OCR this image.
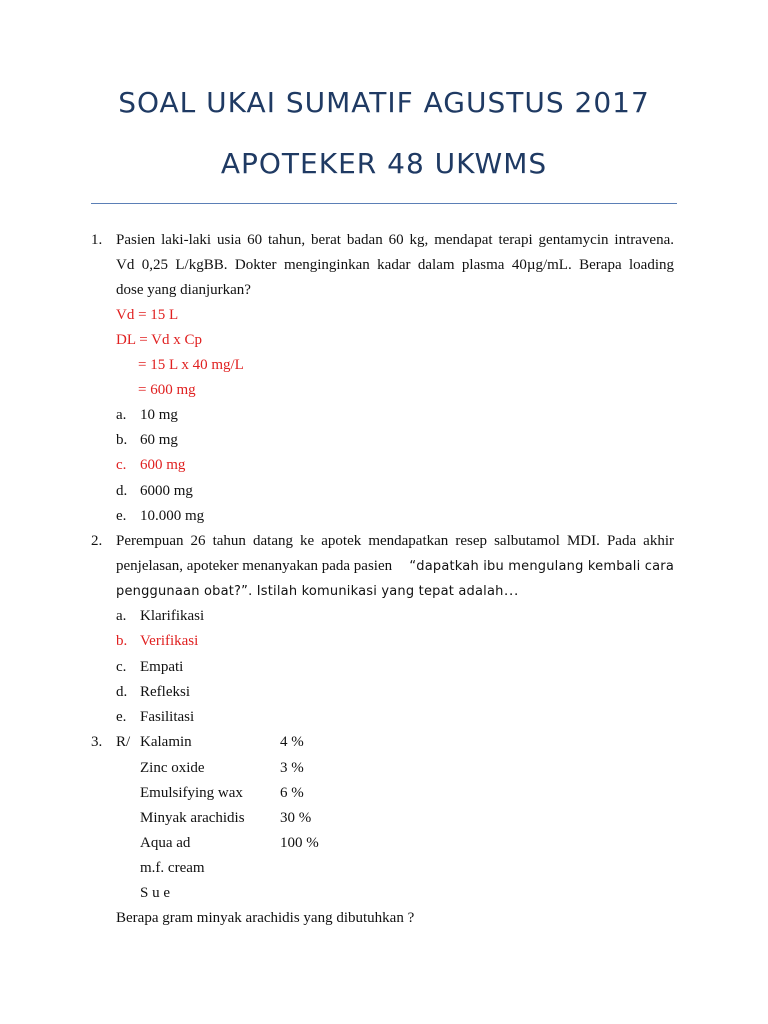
SOAL UKAI SUMATIF AGUSTUS 2017
APOTEKER 48 UKWMS
1. Pasien laki-laki usia 60 tahun, berat badan 60 kg, mendapat terapi gentamycin intravena.
Vd 0,25 L/kgBB. Dokter menginginkan kadar dalam plasma 40µg/mL. Berapa loading
dose yang dianjurkan?
Vd = 15 L
DL = Vd x Cp
= 15 L x 40 mg/L
= 600 mg
a. 10 mg
b. 60 mg
c. 600 mg
d. 6000 mg
e. 10.000 mg
2. Perempuan 26 tahun datang ke apotek mendapatkan resep salbutamol MDI. Pada akhir
penjelasan, apoteker menanyakan pada pasien “dapatkah ibu mengulang kembali cara
penggunaan obat?”. Istilah komunikasi yang tepat adalah…
a. Klarifikasi
b. Verifikasi
c. Empati
d. Refleksi
e. Fasilitasi
3. R/ Kalamin	4 %
Zinc oxide	3 %
Emulsifying wax 6 %
Minyak arachidis 30 %
Aqua ad	100 %
m.f. cream
S u e
Berapa gram minyak arachidis yang dibutuhkan ?
